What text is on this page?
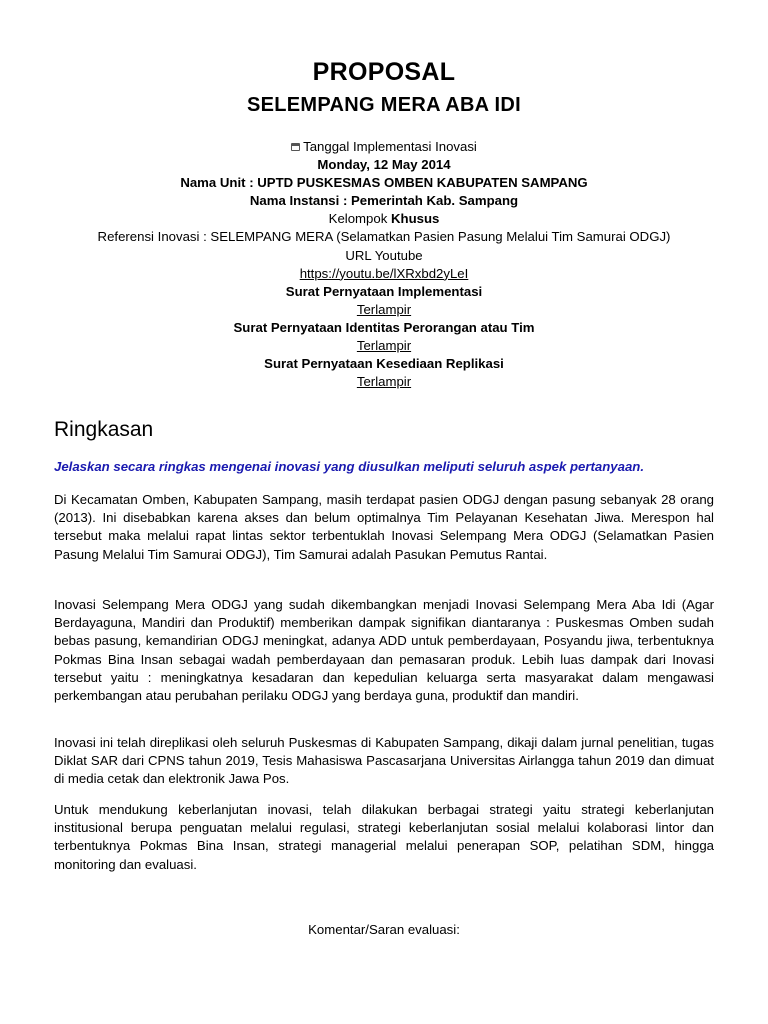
PROPOSAL
SELEMPANG MERA ABA IDI
Tanggal Implementasi Inovasi
Monday, 12 May 2014
Nama Unit : UPTD PUSKESMAS OMBEN KABUPATEN SAMPANG
Nama Instansi : Pemerintah Kab. Sampang
Kelompok Khusus
Referensi Inovasi : SELEMPANG MERA (Selamatkan Pasien Pasung Melalui Tim Samurai ODGJ)
URL Youtube
https://youtu.be/lXRxbd2yLeI
Surat Pernyataan Implementasi
Terlampir
Surat Pernyataan Identitas Perorangan atau Tim
Terlampir
Surat Pernyataan Kesediaan Replikasi
Terlampir
Ringkasan

Jelaskan secara ringkas mengenai inovasi yang diusulkan meliputi seluruh aspek pertanyaan.

Di Kecamatan Omben, Kabupaten Sampang, masih terdapat pasien ODGJ dengan pasung sebanyak 28 orang (2013). Ini disebabkan karena akses dan belum optimalnya Tim Pelayanan Kesehatan Jiwa. Merespon hal tersebut maka melalui rapat lintas sektor terbentuklah Inovasi Selempang Mera ODGJ (Selamatkan Pasien Pasung Melalui Tim Samurai ODGJ), Tim Samurai adalah Pasukan Pemutus Rantai.

Inovasi Selempang Mera ODGJ yang sudah dikembangkan menjadi Inovasi Selempang Mera Aba Idi (Agar Berdayaguna, Mandiri dan Produktif) memberikan dampak signifikan diantaranya : Puskesmas Omben sudah bebas pasung, kemandirian ODGJ meningkat, adanya ADD untuk pemberdayaan, Posyandu jiwa, terbentuknya Pokmas Bina Insan sebagai wadah pemberdayaan dan pemasaran produk. Lebih luas dampak dari Inovasi tersebut yaitu : meningkatnya kesadaran dan kepedulian keluarga serta masyarakat dalam mengawasi perkembangan atau perubahan perilaku ODGJ yang berdaya guna, produktif dan mandiri.

Inovasi ini telah direplikasi oleh seluruh Puskesmas di Kabupaten Sampang, dikaji dalam jurnal penelitian, tugas Diklat SAR dari CPNS tahun 2019, Tesis Mahasiswa Pascasarjana Universitas Airlangga tahun 2019 dan dimuat di media cetak dan elektronik Jawa Pos.

Untuk mendukung keberlanjutan inovasi, telah dilakukan berbagai strategi yaitu strategi keberlanjutan institusional berupa penguatan melalui regulasi, strategi keberlanjutan sosial melalui kolaborasi lintor dan terbentuknya Pokmas Bina Insan, strategi managerial melalui penerapan SOP, pelatihan SDM, hingga monitoring dan evaluasi.

Komentar/Saran evaluasi:
